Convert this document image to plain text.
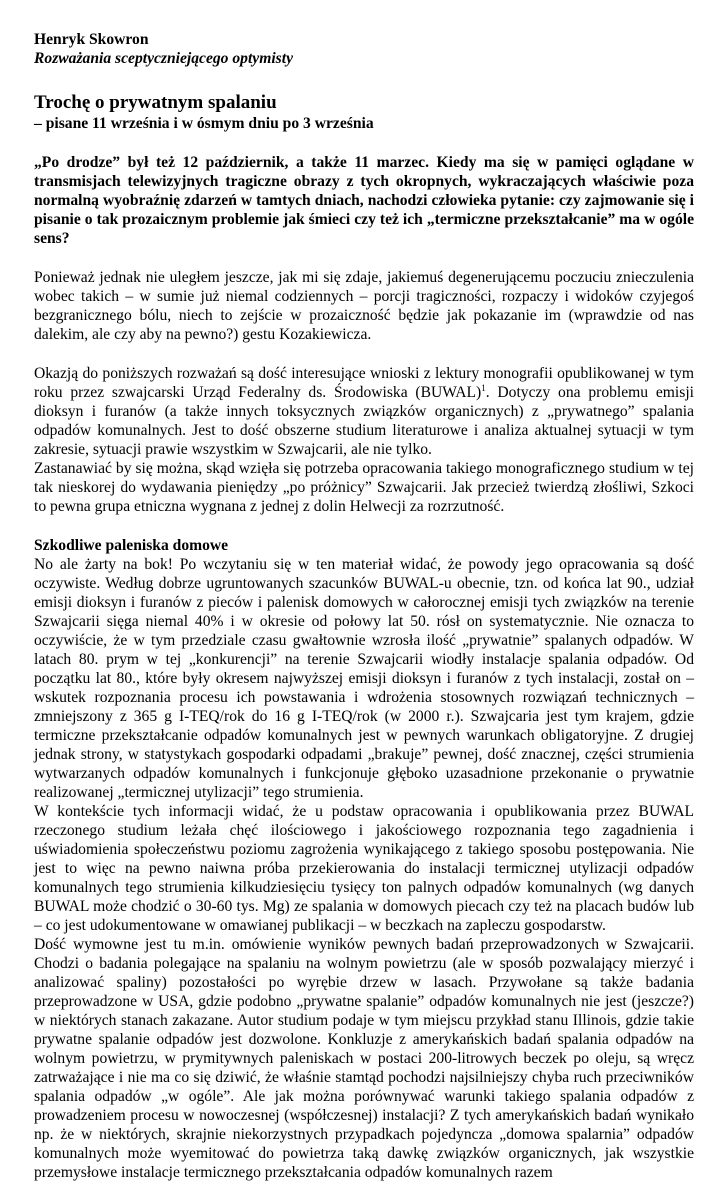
Henryk Skowron

Rozważania sceptyczniejącego optymisty

Trochę o prywatnym spalaniu

– pisane 11 września i w ósmym dniu po 3 września

„Po drodze” był też 12 październik, a także 11 marzec. Kiedy ma się w pamięci oglądane w transmisjach telewizyjnych tragiczne obrazy z tych okropnych, wykraczających właściwie poza normalną wyobraźnię zdarzeń w tamtych dniach, nachodzi człowieka pytanie: czy zajmowanie się i pisanie o tak prozaicznym problemie jak śmieci czy też ich „termiczne przekształcanie” ma w ogóle sens?

Ponieważ jednak nie uległem jeszcze, jak mi się zdaje, jakiemuś degenerującemu poczuciu znieczulenia wobec takich – w sumie już niemal codziennych – porcji tragiczności, rozpaczy i widoków czyjegoś bezgranicznego bólu, niech to zejście w prozaiczność będzie jak pokazanie im (wprawdzie od nas dalekim, ale czy aby na pewno?) gestu Kozakiewicza.

Okazją do poniższych rozważań są dość interesujące wnioski z lektury monografii opublikowanej w tym roku przez szwajcarski Urząd Federalny ds. Środowiska (BUWAL)$^1$. Dotyczy ona problemu emisji dioksyn i furanów (a także innych toksycznych związków organicznych) z „prywatnego” spalania odpadów komunalnych. Jest to dość obszerne studium literaturowe i analiza aktualnej sytuacji w tym zakresie, sytuacji prawie wszystkim w Szwajcarii, ale nie tylko.

Zastanawiać by się można, skąd wzięła się potrzeba opracowania takiego monograficznego studium w tej tak nieskorej do wydawania pieniędzy „po próżnicy” Szwajcarii. Jak przecież twierdzą złośliwi, Szkoci to pewna grupa etniczna wygnana z jednej z dolin Helwecji za rozrzutność.

Szkodliwe paleniska domowe

No ale żarty na bok! Po wczytaniu się w ten materiał widać, że powody jego opracowania są dość oczywiste. Według dobrze ugruntowanych szacunków BUWAL-u obecnie, tzn. od końca lat 90., udział emisji dioksyn i furanów z pieców i palenisk domowych w całorocznej emisji tych związków na terenie Szwajcarii sięga niemal 40% i w okresie od połowy lat 50. rósł on systematycznie. Nie oznacza to oczywiście, że w tym przedziale czasu gwałtownie wzrosła ilość „prywatnie” spalanych odpadów. W latach 80. prym w tej „konkurencji” na terenie Szwajcarii wiodły instalacje spalania odpadów. Od początku lat 80., które były okresem najwyższej emisji dioksyn i furanów z tych instalacji, został on – wskutek rozpoznania procesu ich powstawania i wdrożenia stosownych rozwiązań technicznych – zmniejszony z 365 g I-TEQ/rok do 16 g I-TEQ/rok (w 2000 r.). Szwajcaria jest tym krajem, gdzie termiczne przekształcanie odpadów komunalnych jest w pewnych warunkach obligatoryjne. Z drugiej jednak strony, w statystykach gospodarki odpadami „brakuje” pewnej, dość znacznej, części strumienia wytwarzanych odpadów komunalnych i funkcjonuje głęboko uzasadnione przekonanie o prywatnie realizowanej „termicznej utylizacji” tego strumienia.

W kontekście tych informacji widać, że u podstaw opracowania i opublikowania przez BUWAL rzeczonego studium leżała chęć ilościowego i jakościowego rozpoznania tego zagadnienia i uświadomienia społeczeństwu poziomu zagrożenia wynikającego z takiego sposobu postępowania. Nie jest to więc na pewno naiwna próba przekierowania do instalacji termicznej utylizacji odpadów komunalnych tego strumienia kilkudziesięciu tysięcy ton palnych odpadów komunalnych (wg danych BUWAL może chodzić o 30-60 tys. Mg) ze spalania w domowych piecach czy też na placach budów lub – co jest udokumentowane w omawianej publikacji – w beczkach na zapleczu gospodarstw.

Dość wymowne jest tu m.in. omówienie wyników pewnych badań przeprowadzonych w Szwajcarii. Chodzi o badania polegające na spalaniu na wolnym powietrzu (ale w sposób pozwalający mierzyć i analizować spaliny) pozostałości po wyrębie drzew w lasach. Przywołane są także badania przeprowadzone w USA, gdzie podobno „prywatne spalanie” odpadów komunalnych nie jest (jeszcze?) w niektórych stanach zakazane. Autor studium podaje w tym miejscu przykład stanu Illinois, gdzie takie prywatne spalanie odpadów jest dozwolone. Konkluzje z amerykańskich badań spalania odpadów na wolnym powietrzu, w prymitywnych paleniskach w postaci 200-litrowych beczek po oleju, są wręcz zatrważające i nie ma co się dziwić, że właśnie stamtąd pochodzi najsilniejszy chyba ruch przeciwników spalania odpadów „w ogóle”. Ale jak można porównywać warunki takiego spalania odpadów z prowadzeniem procesu w nowoczesnej (współczesnej) instalacji? Z tych amerykańskich badań wynikało np. że w niektórych, skrajnie niekorzystnych przypadkach pojedyncza „domowa spalarnia” odpadów komunalnych może wyemitować do powietrza taką dawkę związków organicznych, jak wszystkie przemysłowe instalacje termicznego przekształcania odpadów komunalnych razem
